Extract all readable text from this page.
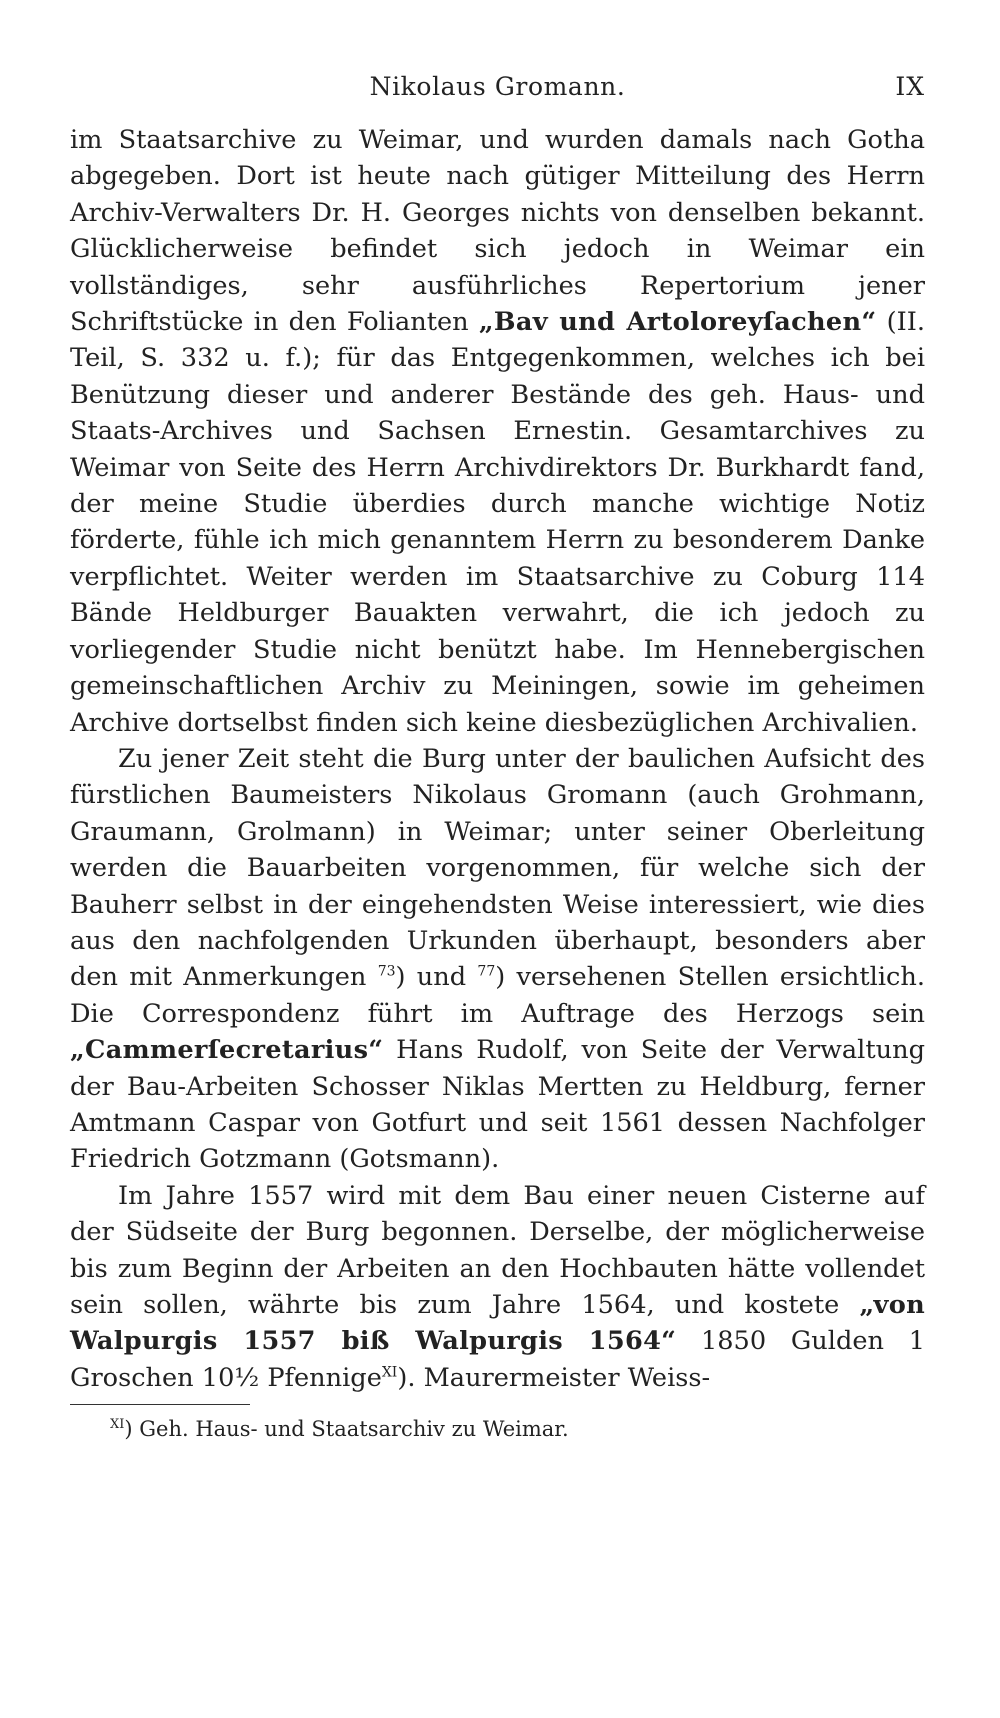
Nikolaus Gromann.	IX

im Staatsarchive zu Weimar, und wurden damals nach Gotha abgegeben. Dort ist heute nach gütiger Mitteilung des Herrn Archiv-Verwalters Dr. H. Georges nichts von denselben bekannt. Glücklicherweise befindet sich jedoch in Weimar ein vollständiges, sehr ausführliches Repertorium jener Schriftstücke in den Folianten „Bav und Artoloreyſachen“ (II. Teil, S. 332 u. f.); für das Entgegenkommen, welches ich bei Benützung dieser und anderer Bestände des geh. Haus- und Staats-Archives und Sachsen Ernestin. Gesamtarchives zu Weimar von Seite des Herrn Archivdirektors Dr. Burkhardt fand, der meine Studie überdies durch manche wichtige Notiz förderte, fühle ich mich genanntem Herrn zu besonderem Danke verpflichtet. Weiter werden im Staatsarchive zu Coburg 114 Bände Heldburger Bauakten verwahrt, die ich jedoch zu vorliegender Studie nicht benützt habe. Im Hennebergischen gemeinschaftlichen Archiv zu Meiningen, sowie im geheimen Archive dortselbst finden sich keine diesbezüglichen Archivalien.

Zu jener Zeit steht die Burg unter der baulichen Aufsicht des fürstlichen Baumeisters Nikolaus Gromann (auch Grohmann, Graumann, Grolmann) in Weimar; unter seiner Oberleitung werden die Bauarbeiten vorgenommen, für welche sich der Bauherr selbst in der eingehendsten Weise interessiert, wie dies aus den nachfolgenden Urkunden überhaupt, besonders aber den mit Anmerkungen $^{73}$) und $^{77}$) versehenen Stellen ersichtlich. Die Correspondenz führt im Auftrage des Herzogs sein „Cammerſecretarius“ Hans Rudolf, von Seite der Verwaltung der Bau-Arbeiten Schosser Niklas Mertten zu Heldburg, ferner Amtmann Caspar von Gotfurt und seit 1561 dessen Nachfolger Friedrich Gotzmann (Gotsmann).

Im Jahre 1557 wird mit dem Bau einer neuen Cisterne auf der Südseite der Burg begonnen. Derselbe, der möglicherweise bis zum Beginn der Arbeiten an den Hochbauten hätte vollendet sein sollen, währte bis zum Jahre 1564, und kostete „von Walpurgis 1557 biß Walpurgis 1564“ 1850 Gulden 1 Groschen 10½ Pfennige$^{XI}$). Maurermeister Weiss-

$^{XI}$) Geh. Haus- und Staatsarchiv zu Weimar.
